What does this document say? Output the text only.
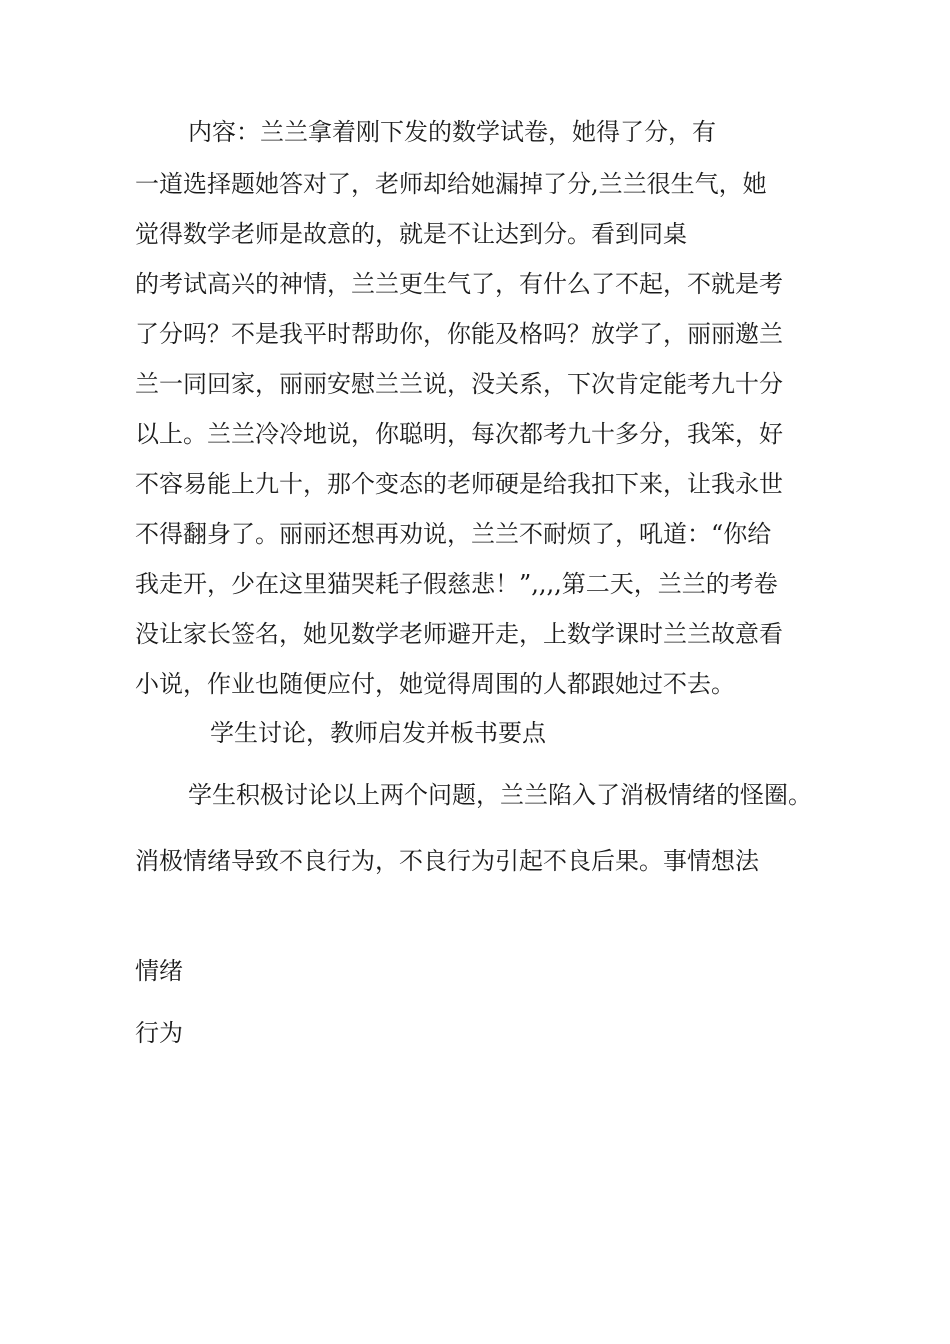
内容：兰兰拿着刚下发的数学试卷，她得了分，有
一道选择题她答对了，老师却给她漏掉了分,兰兰很生气，她
觉得数学老师是故意的，就是不让达到分。看到同桌
的考试高兴的神情，兰兰更生气了，有什么了不起，不就是考
了分吗？不是我平时帮助你，你能及格吗？放学了，丽丽邀兰
兰一同回家，丽丽安慰兰兰说，没关系，下次肯定能考九十分
以上。兰兰冷冷地说，你聪明，每次都考九十多分，我笨，好
不容易能上九十，那个变态的老师硬是给我扣下来，让我永世
不得翻身了。丽丽还想再劝说，兰兰不耐烦了，吼道：“你给
我走开，少在这里猫哭耗子假慈悲！”,,,,第二天，兰兰的考卷
没让家长签名，她见数学老师避开走，上数学课时兰兰故意看
小说，作业也随便应付，她觉得周围的人都跟她过不去。
学生讨论，教师启发并板书要点
学生积极讨论以上两个问题，兰兰陷入了消极情绪的怪圈。
消极情绪导致不良行为，不良行为引起不良后果。事情想法
情绪
行为
